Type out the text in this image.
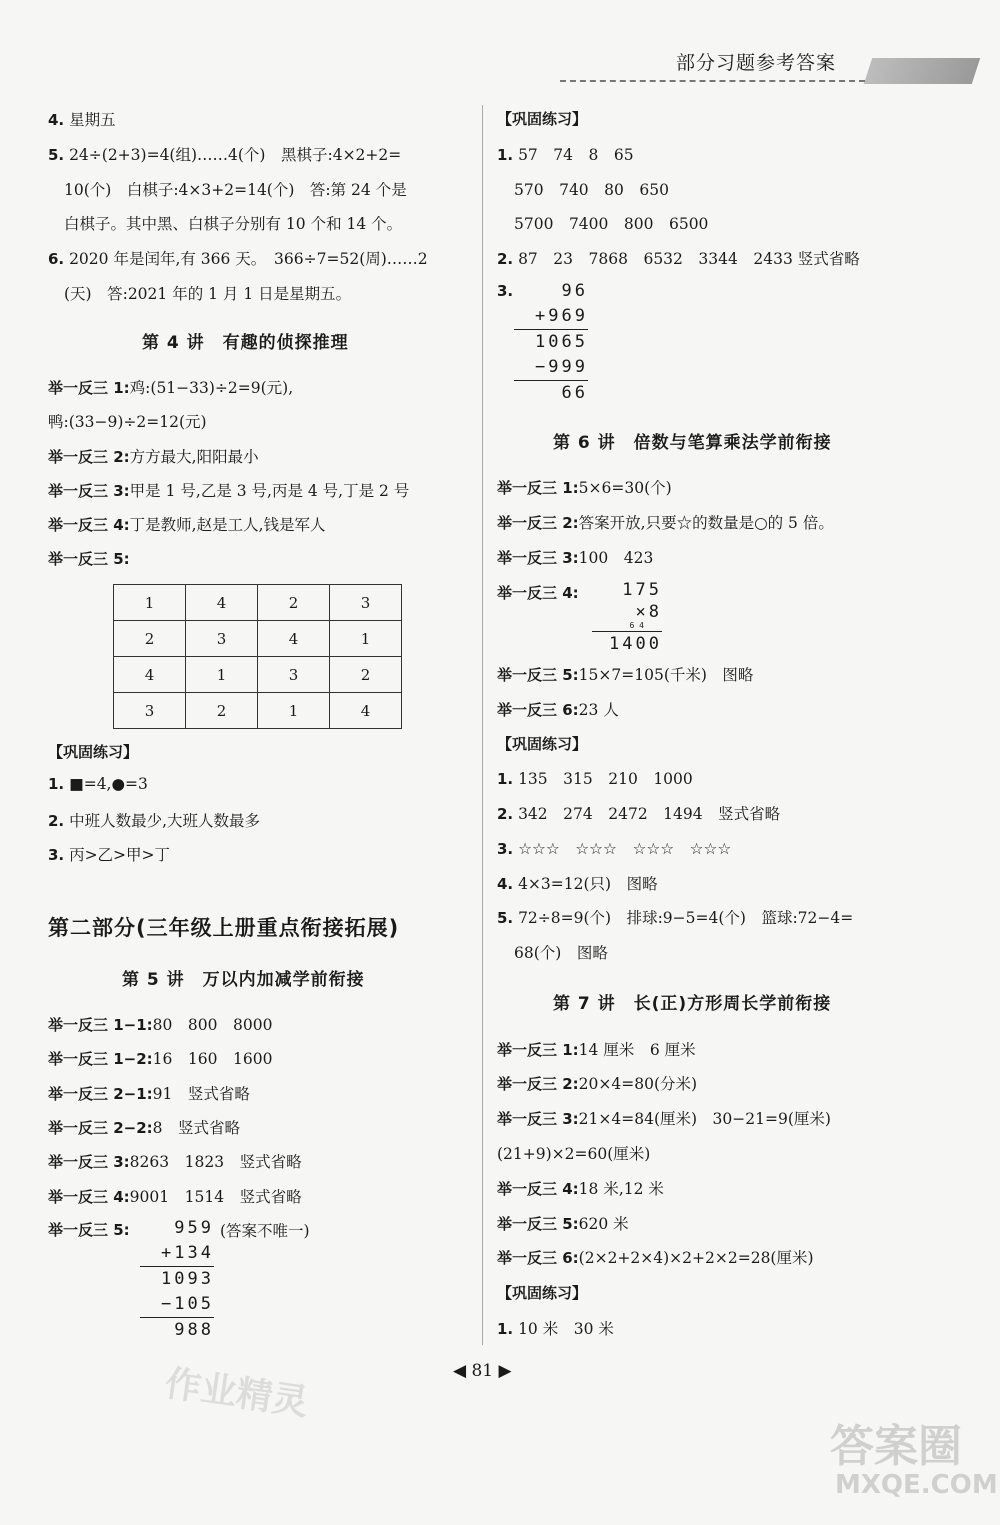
部分习题参考答案
4. 星期五
5. 24÷(2+3)=4(组)……4(个)　黑棋子:4×2+2=
10(个)　白棋子:4×3+2=14(个)　答:第 24 个是
白棋子。其中黑、白棋子分别有 10 个和 14 个。
6. 2020 年是闰年,有 366 天。　366÷7=52(周)……2
(天)　答:2021 年的 1 月 1 日是星期五。
第 4 讲　有趣的侦探推理
举一反三 1:鸡:(51−33)÷2=9(元),
鸭:(33−9)÷2=12(元)
举一反三 2:方方最大,阳阳最小
举一反三 3:甲是 1 号,乙是 3 号,丙是 4 号,丁是 2 号
举一反三 4:丁是教师,赵是工人,钱是军人
举一反三 5:
1	4	2	3
2	3	4	1
4	1	3	2
3	2	1	4
【巩固练习】
1. ■=4,●=3
2. 中班人数最少,大班人数最多
3. 丙>乙>甲>丁
第二部分(三年级上册重点衔接拓展)
第 5 讲　万以内加减学前衔接
举一反三 1−1:80　800　8000
举一反三 1−2:16　160　1600
举一反三 2−1:91　竖式省略
举一反三 2−2:8　竖式省略
举一反三 3:8263　1823　竖式省略
举一反三 4:9001　1514　竖式省略
举一反三 5:	(答案不唯一)
959
+134
1093
−105
988
【巩固练习】
1. 57　74　8　65
570　740　80　650
5700　7400　800　6500
2. 87　23　7868　6532　3344　2433 竖式省略
3.	96
+969
1065
−999
66
第 6 讲　倍数与笔算乘法学前衔接
举一反三 1:5×6=30(个)
举一反三 2:答案开放,只要☆的数量是○的 5 倍。
举一反三 3:100　423
举一反三 4:	175
×8
6 4
1400
举一反三 5:15×7=105(千米)　图略
举一反三 6:23 人
【巩固练习】
1. 135　315　210　1000
2. 342　274　2472　1494　竖式省略
3. ☆☆☆　☆☆☆　☆☆☆　☆☆☆
4. 4×3=12(只)　图略
5. 72÷8=9(个)　排球:9−5=4(个)　篮球:72−4=
68(个)　图略
第 7 讲　长(正)方形周长学前衔接
举一反三 1:14 厘米　6 厘米
举一反三 2:20×4=80(分米)
举一反三 3:21×4=84(厘米)　30−21=9(厘米)
(21+9)×2=60(厘米)
举一反三 4:18 米,12 米
举一反三 5:620 米
举一反三 6:(2×2+2×4)×2+2×2=28(厘米)
【巩固练习】
1. 10 米　30 米
◀ 81 ▶
作业精灵
答案圈
MXQE.COM
